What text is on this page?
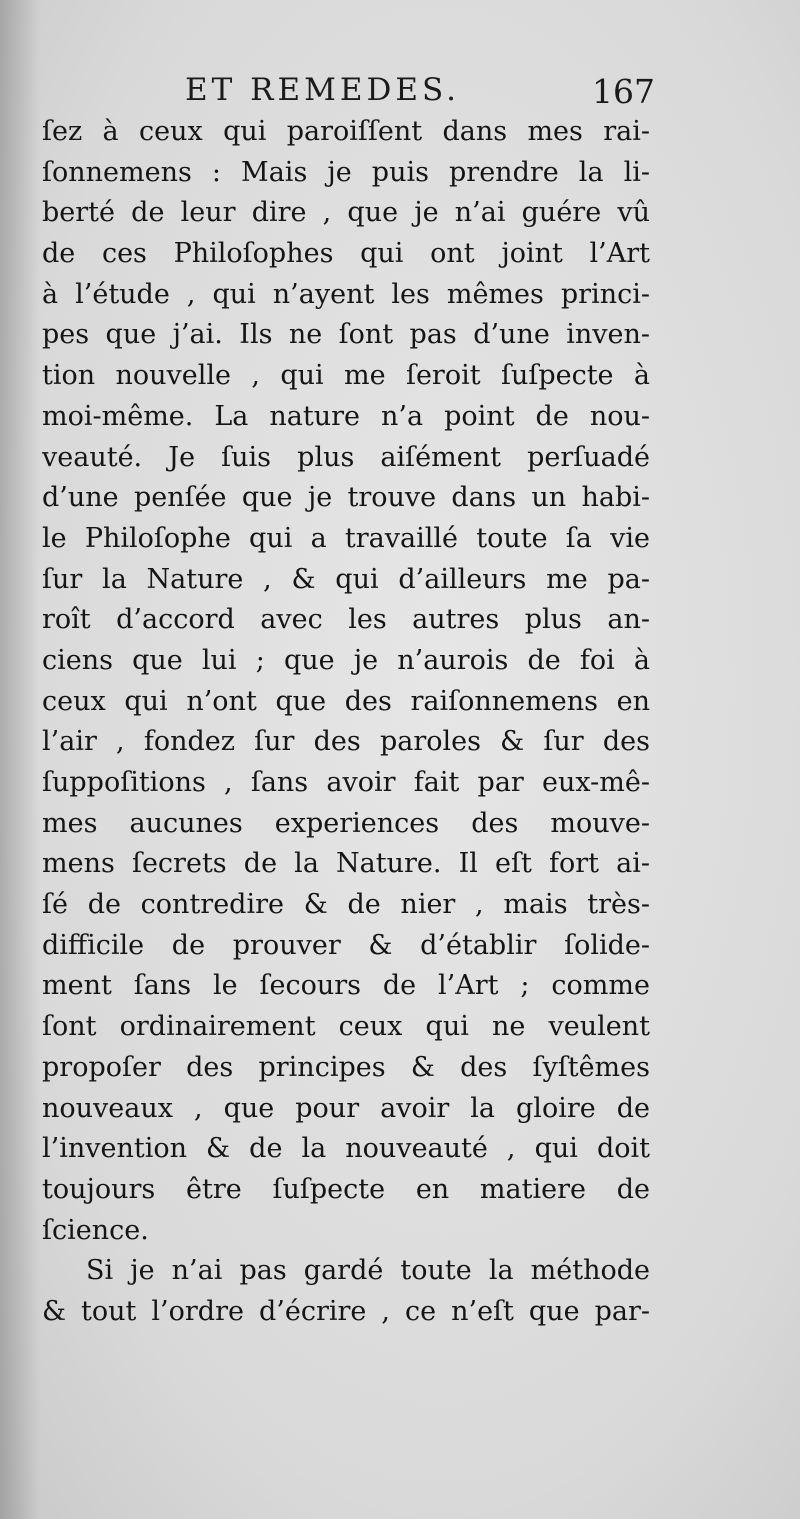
ET REMEDES.	167
ſez à ceux qui paroiſſent dans mes rai-
ſonnemens : Mais je puis prendre la li-
berté de leur dire , que je n’ai guére vû
de ces Philoſophes qui ont joint l’Art
à l’étude , qui n’ayent les mêmes princi-
pes que j’ai. Ils ne ſont pas d’une inven-
tion nouvelle , qui me ſeroit ſuſpecte à
moi-même. La nature n’a point de nou-
veauté. Je ſuis plus aiſément perſuadé
d’une penſée que je trouve dans un habi-
le Philoſophe qui a travaillé toute ſa vie
ſur la Nature , & qui d’ailleurs me pa-
roît d’accord avec les autres plus an-
ciens que lui ; que je n’aurois de foi à
ceux qui n’ont que des raiſonnemens en
l’air , fondez ſur des paroles & ſur des
ſuppoſitions , ſans avoir fait par eux-mê-
mes aucunes experiences des mouve-
mens ſecrets de la Nature. Il eſt fort ai-
ſé de contredire & de nier , mais très-
difficile de prouver & d’établir ſolide-
ment ſans le ſecours de l’Art ; comme
ſont ordinairement ceux qui ne veulent
propoſer des principes & des ſyſtêmes
nouveaux , que pour avoir la gloire de
l’invention & de la nouveauté , qui doit
toujours être ſuſpecte en matiere de
ſcience.
Si je n’ai pas gardé toute la méthode
& tout l’ordre d’écrire , ce n’eſt que par-
